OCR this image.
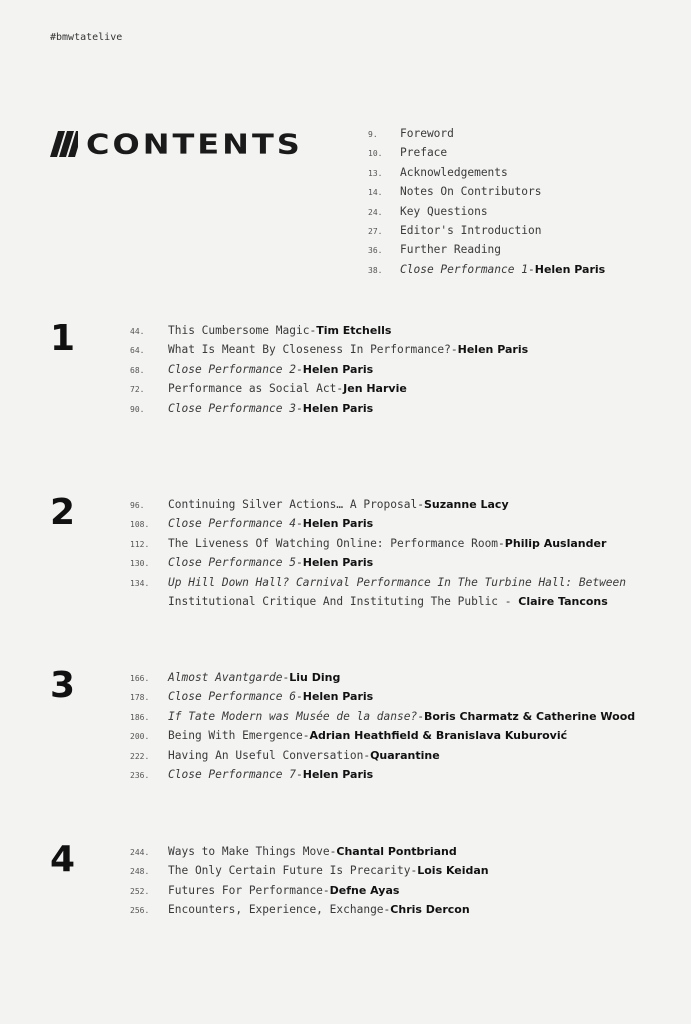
#bmwtatelive
CONTENTS	9.	Foreword
10.	Preface
13.	Acknowledgements
14.	Notes On Contributors
24.	Key Questions
27.	Editor's Introduction
36.	Further Reading
38.	Close Performance 1 - Helen Paris
1	44.	This Cumbersome Magic - Tim Etchells
64.	What Is Meant By Closeness In Performance? - Helen Paris
68.	Close Performance 2 - Helen Paris
72.	Performance as Social Act - Jen Harvie
90.	Close Performance 3 - Helen Paris
2	96.	Continuing Silver Actions… A Proposal - Suzanne Lacy
108.	Close Performance 4 - Helen Paris
112.	The Liveness Of Watching Online: Performance Room - Philip Auslander
130.	Close Performance 5 - Helen Paris
134.	Up Hill Down Hall? Carnival Performance In The Turbine Hall: Between
Institutional Critique And Instituting The Public - Claire Tancons
3	166.	Almost Avantgarde - Liu Ding
178.	Close Performance 6 - Helen Paris
186.	If Tate Modern was Musée de la danse? - Boris Charmatz & Catherine Wood
200.	Being With Emergence - Adrian Heathfield & Branislava Kuburović
222.	Having An Useful Conversation - Quarantine
236.	Close Performance 7 - Helen Paris
4	244.	Ways to Make Things Move - Chantal Pontbriand
248.	The Only Certain Future Is Precarity - Lois Keidan
252.	Futures For Performance - Defne Ayas
256.	Encounters, Experience, Exchange - Chris Dercon
